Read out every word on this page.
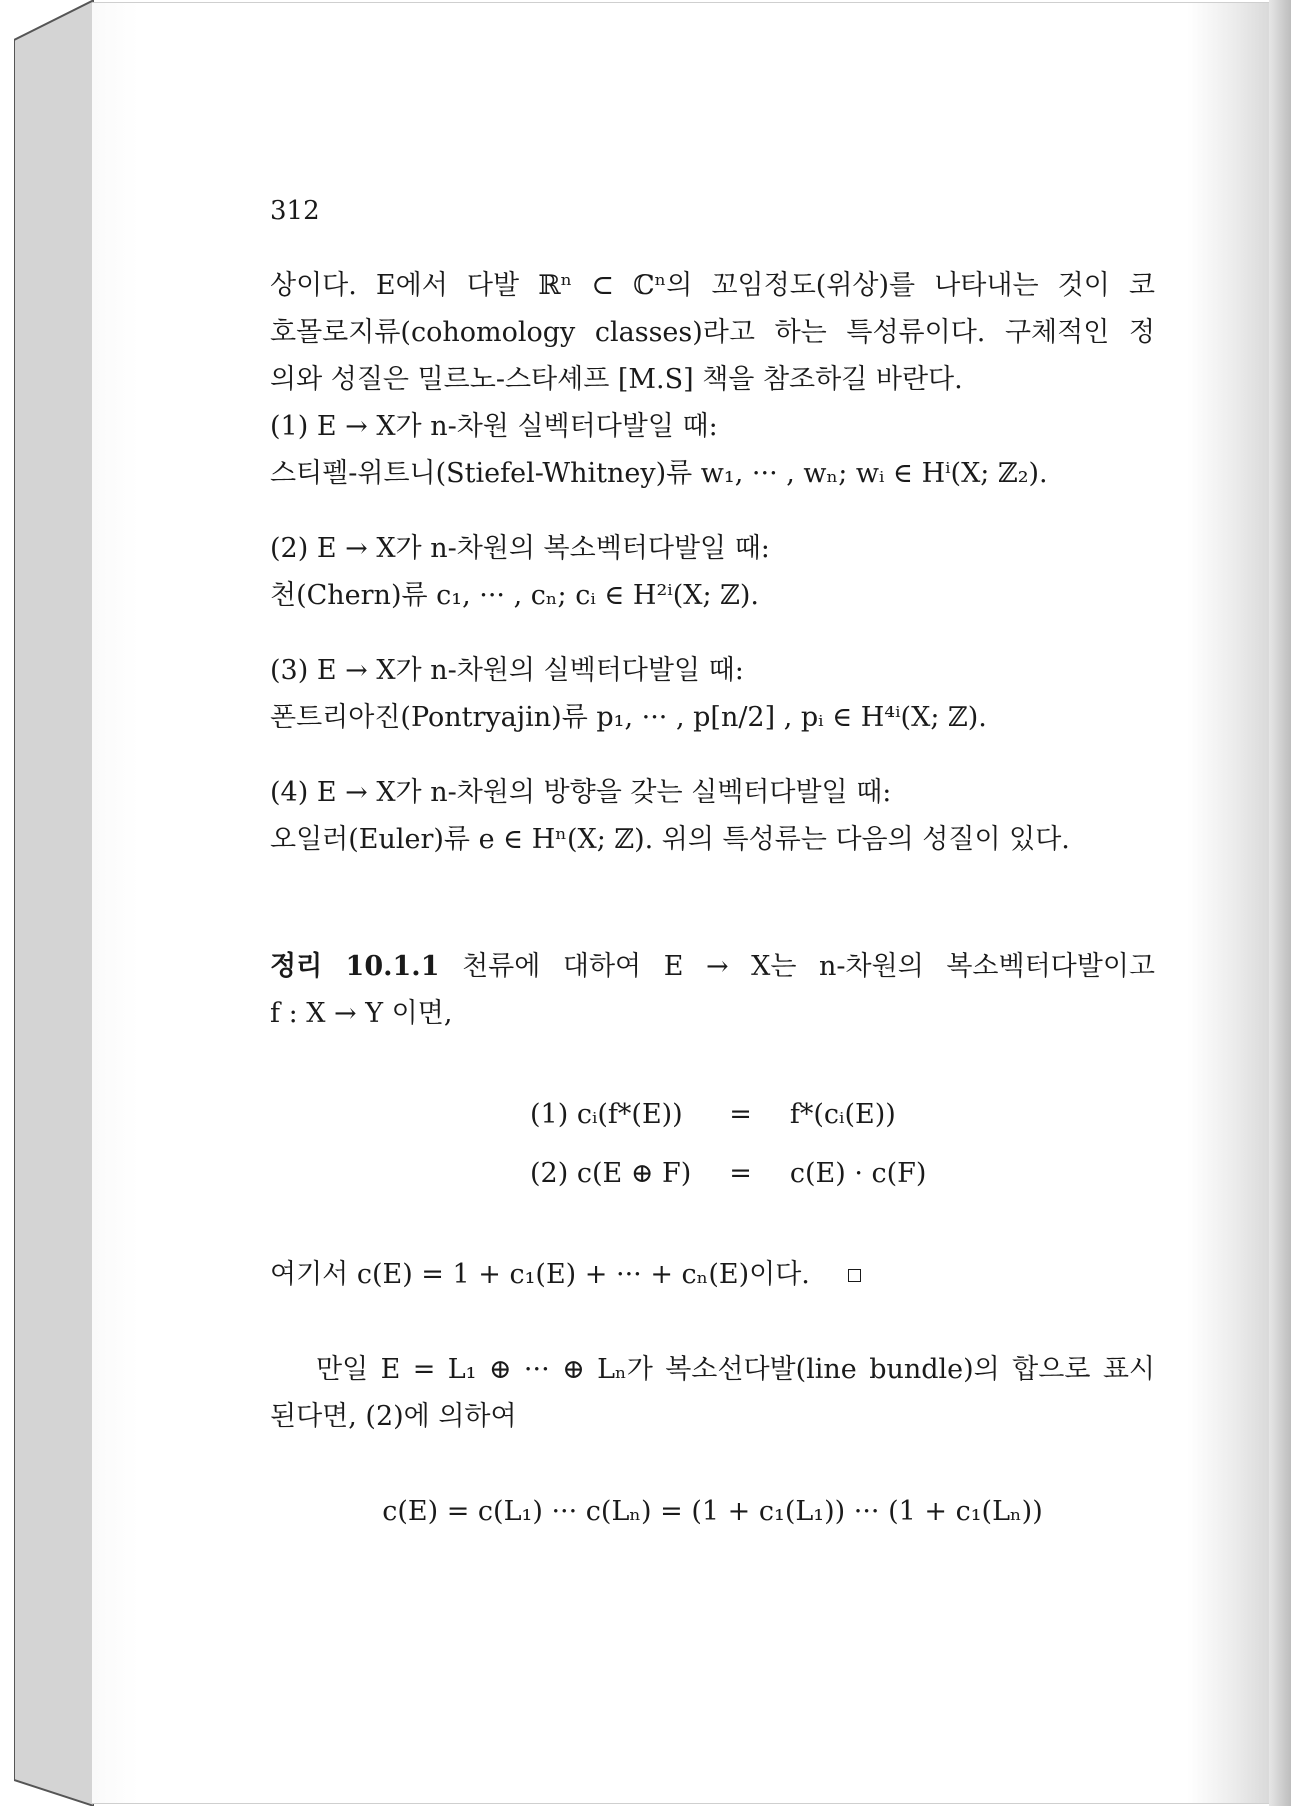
312
상이다. E에서 다발 ℝⁿ ⊂ ℂⁿ의 꼬임정도(위상)를 나타내는 것이 코
호몰로지류(cohomology classes)라고 하는 특성류이다. 구체적인 정
의와 성질은 밀르노-스타셰프 [M.S] 책을 참조하길 바란다.
(1) E → X가 n-차원 실벡터다발일 때:
스티펠-위트니(Stiefel-Whitney)류 w₁, ··· , wₙ; wᵢ ∈ Hⁱ(X; ℤ₂).
(2) E → X가 n-차원의 복소벡터다발일 때:
천(Chern)류 c₁, ··· , cₙ; cᵢ ∈ H²ⁱ(X; ℤ).
(3) E → X가 n-차원의 실벡터다발일 때:
폰트리아진(Pontryajin)류 p₁, ··· , p[n/2] , pᵢ ∈ H⁴ⁱ(X; ℤ).
(4) E → X가 n-차원의 방향을 갖는 실벡터다발일 때:
오일러(Euler)류 e ∈ Hⁿ(X; ℤ). 위의 특성류는 다음의 성질이 있다.
정리 10.1.1 천류에 대하여 E → X는 n-차원의 복소벡터다발이고
f : X → Y 이면,
(1) cᵢ(f*(E))	=	f*(cᵢ(E))
(2) c(E ⊕ F)	=	c(E) · c(F)
여기서 c(E) = 1 + c₁(E) + ··· + cₙ(E)이다.
만일 E = L₁ ⊕ ··· ⊕ Lₙ가 복소선다발(line bundle)의 합으로 표시
된다면, (2)에 의하여
c(E) = c(L₁) ··· c(Lₙ) = (1 + c₁(L₁)) ··· (1 + c₁(Lₙ))
